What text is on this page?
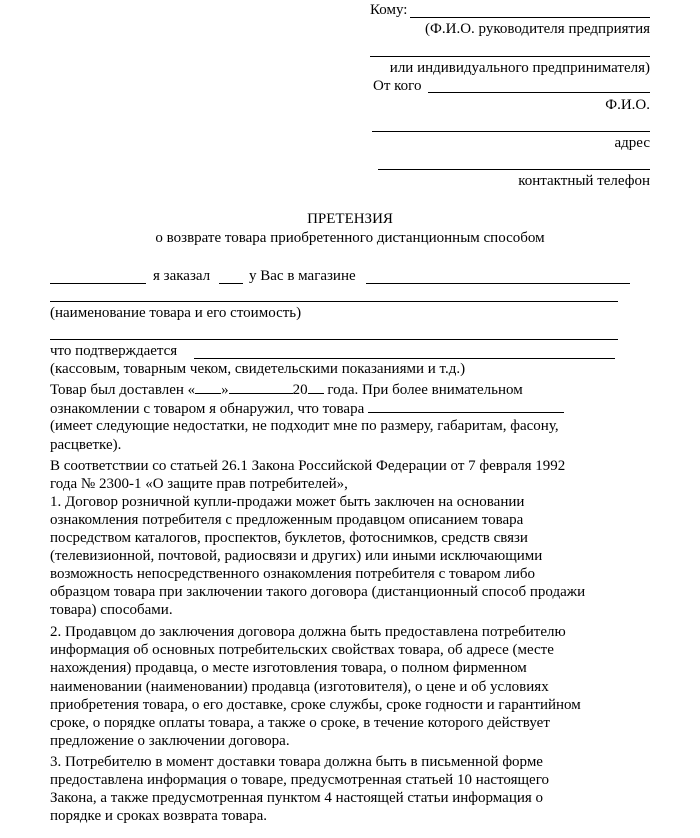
Кому:
(Ф.И.О. руководителя предприятия
или индивидуального предпринимателя)
От кого
Ф.И.О.
адрес
контактный телефон
ПРЕТЕНЗИЯ
о возврате товара приобретенного дистанционным способом
я заказал	у Вас в магазине
(наименование товара и его стоимость)
что подтверждается
(кассовым, товарным чеком, свидетельскими показаниями и т.д.)
Товар был доставлен « »	20 года. При более внимательном
ознакомлении с товаром я обнаружил, что товара
(имеет следующие недостатки, не подходит мне по размеру, габаритам, фасону,
расцветке).
В соответствии со статьей 26.1 Закона Российской Федерации от 7 февраля 1992
года № 2300-1 «О защите прав потребителей»,
1. Договор розничной купли-продажи может быть заключен на основании
ознакомления потребителя с предложенным продавцом описанием товара
посредством каталогов, проспектов, буклетов, фотоснимков, средств связи
(телевизионной, почтовой, радиосвязи и других) или иными исключающими
возможность непосредственного ознакомления потребителя с товаром либо
образцом товара при заключении такого договора (дистанционный способ продажи
товара) способами.
2. Продавцом до заключения договора должна быть предоставлена потребителю
информация об основных потребительских свойствах товара, об адресе (месте
нахождения) продавца, о месте изготовления товара, о полном фирменном
наименовании (наименовании) продавца (изготовителя), о цене и об условиях
приобретения товара, о его доставке, сроке службы, сроке годности и гарантийном
сроке, о порядке оплаты товара, а также о сроке, в течение которого действует
предложение о заключении договора.
3. Потребителю в момент доставки товара должна быть в письменной форме
предоставлена информация о товаре, предусмотренная статьей 10 настоящего
Закона, а также предусмотренная пунктом 4 настоящей статьи информация о
порядке и сроках возврата товара.
